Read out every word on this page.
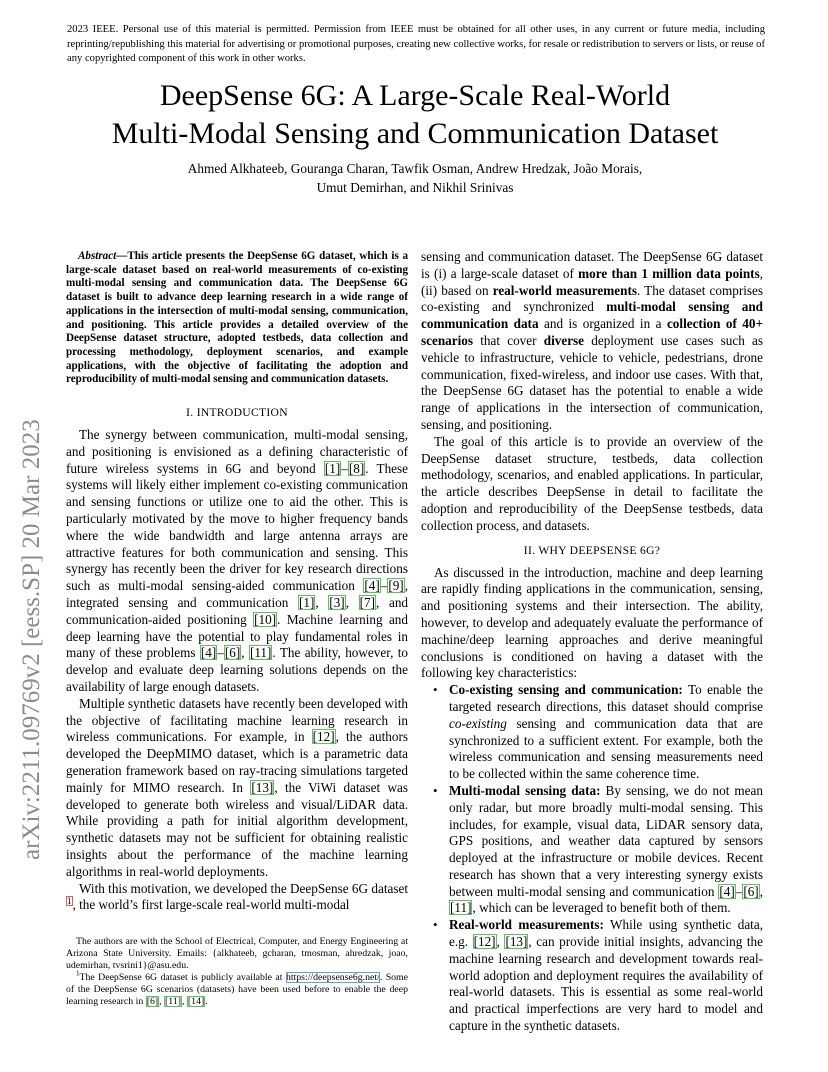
2023 IEEE. Personal use of this material is permitted. Permission from IEEE must be obtained for all other uses, in any current or future media, including reprinting/republishing this material for advertising or promotional purposes, creating new collective works, for resale or redistribution to servers or lists, or reuse of any copyrighted component of this work in other works.

DeepSense 6G: A Large-Scale Real-World
Multi-Modal Sensing and Communication Dataset
Ahmed Alkhateeb, Gouranga Charan, Tawfik Osman, Andrew Hredzak, João Morais,
Umut Demirhan, and Nikhil Srinivas
arXiv:2211.09769v2 [eess.SP] 20 Mar 2023

Abstract—This article presents the DeepSense 6G dataset, which is a large-scale dataset based on real-world measurements of co-existing multi-modal sensing and communication data. The DeepSense 6G dataset is built to advance deep learning research in a wide range of applications in the intersection of multi-modal sensing, communication, and positioning. This article provides a detailed overview of the DeepSense dataset structure, adopted testbeds, data collection and processing methodology, deployment scenarios, and example applications, with the objective of facilitating the adoption and reproducibility of multi-modal sensing and communication datasets.

I. INTRODUCTION

The synergy between communication, multi-modal sensing, and positioning is envisioned as a defining characteristic of future wireless systems in 6G and beyond [1]–[8]. These systems will likely either implement co-existing communication and sensing functions or utilize one to aid the other. This is particularly motivated by the move to higher frequency bands where the wide bandwidth and large antenna arrays are attractive features for both communication and sensing. This synergy has recently been the driver for key research directions such as multi-modal sensing-aided communication [4]–[9], integrated sensing and communication [1], [3], [7], and communication-aided positioning [10]. Machine learning and deep learning have the potential to play fundamental roles in many of these problems [4]–[6], [11]. The ability, however, to develop and evaluate deep learning solutions depends on the availability of large enough datasets.

Multiple synthetic datasets have recently been developed with the objective of facilitating machine learning research in wireless communications. For example, in [12], the authors developed the DeepMIMO dataset, which is a parametric data generation framework based on ray-tracing simulations targeted mainly for MIMO research. In [13], the ViWi dataset was developed to generate both wireless and visual/LiDAR data. While providing a path for initial algorithm development, synthetic datasets may not be sufficient for obtaining realistic insights about the performance of the machine learning algorithms in real-world deployments.

With this motivation, we developed the DeepSense 6G dataset $^1$, the world’s first large-scale real-world multi-modal

The authors are with the School of Electrical, Computer, and Energy Engineering at Arizona State University. Emails: {alkhateeb, gcharan, tmosman, ahredzak, joao, udemirhan, tvsrini1}@asu.edu.

$^1$The DeepSense 6G dataset is publicly available at https://deepsense6g.net/. Some of the DeepSense 6G scenarios (datasets) have been used before to enable the deep learning research in [6], [11], [14].

sensing and communication dataset. The DeepSense 6G dataset is (i) a large-scale dataset of more than 1 million data points, (ii) based on real-world measurements. The dataset comprises co-existing and synchronized multi-modal sensing and communication data and is organized in a collection of 40+ scenarios that cover diverse deployment use cases such as vehicle to infrastructure, vehicle to vehicle, pedestrians, drone communication, fixed-wireless, and indoor use cases. With that, the DeepSense 6G dataset has the potential to enable a wide range of applications in the intersection of communication, sensing, and positioning.

The goal of this article is to provide an overview of the DeepSense dataset structure, testbeds, data collection methodology, scenarios, and enabled applications. In particular, the article describes DeepSense in detail to facilitate the adoption and reproducibility of the DeepSense testbeds, data collection process, and datasets.

II. WHY DEEPSENSE 6G?

As discussed in the introduction, machine and deep learning are rapidly finding applications in the communication, sensing, and positioning systems and their intersection. The ability, however, to develop and adequately evaluate the performance of machine/deep learning approaches and derive meaningful conclusions is conditioned on having a dataset with the following key characteristics:

• Co-existing sensing and communication: To enable the targeted research directions, this dataset should comprise co-existing sensing and communication data that are synchronized to a sufficient extent. For example, both the wireless communication and sensing measurements need to be collected within the same coherence time.
• Multi-modal sensing data: By sensing, we do not mean only radar, but more broadly multi-modal sensing. This includes, for example, visual data, LiDAR sensory data, GPS positions, and weather data captured by sensors deployed at the infrastructure or mobile devices. Recent research has shown that a very interesting synergy exists between multi-modal sensing and communication [4]–[6], [11], which can be leveraged to benefit both of them.
• Real-world measurements: While using synthetic data, e.g. [12], [13], can provide initial insights, advancing the machine learning research and development towards real-world adoption and deployment requires the availability of real-world datasets. This is essential as some real-world and practical imperfections are very hard to model and capture in the synthetic datasets.
